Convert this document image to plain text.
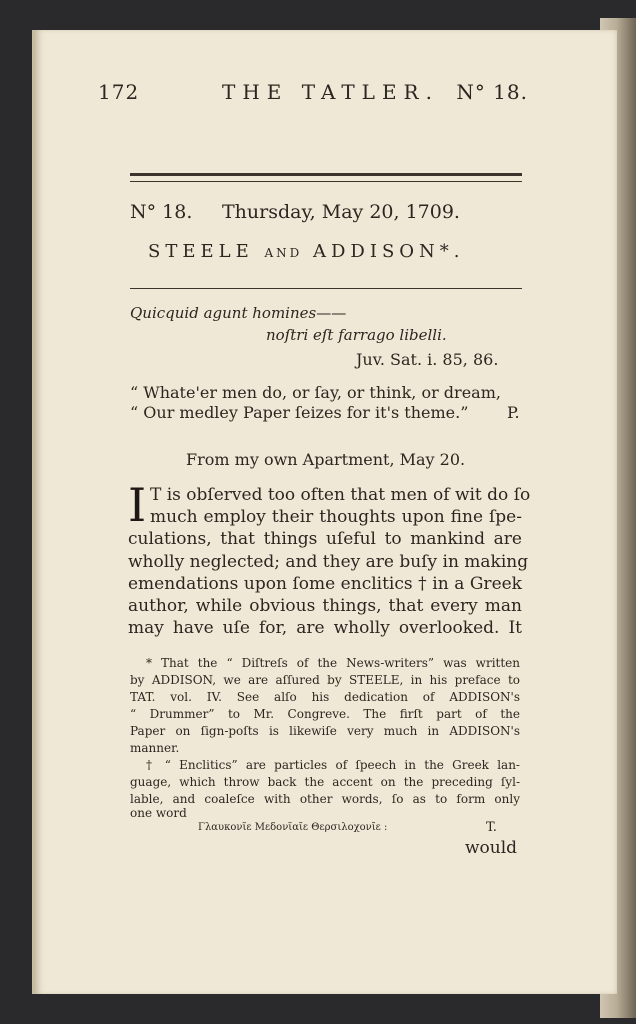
172	THE TATLER. N° 18.
N° 18. Thursday, May 20, 1709.
STEELE AND ADDISON*.
Quicquid agunt homines——
noſtri eſt farrago libelli.
Juv. Sat. i. 85, 86.
“ Whate'er men do, or ſay, or think, or dream,
“ Our medley Paper ſeizes for it's theme.” P.
From my own Apartment, May 20.
I T is obſerved too often that men of wit do ſo
much employ their thoughts upon fine ſpe-
culations, that things uſeful to mankind are
wholly neglected; and they are buſy in making
emendations upon ſome enclitics † in a Greek
author, while obvious things, that every man
may have uſe for, are wholly overlooked. It
* That the “ Diſtreſs of the News-writers” was written
by ADDISON, we are aſſured by STEELE, in his preface to
TAT. vol. IV. See alſo his dedication of ADDISON's
“ Drummer” to Mr. Congreve. The firſt part of the
Paper on ſign-poſts is likewiſe very much in ADDISON's
manner.
† “ Enclitics” are particles of ſpeech in the Greek lan-
guage, which throw back the accent on the preceding ſyl-
lable, and coaleſce with other words, ſo as to form only
one word
Γλαυκονῖε Μεδονῖαῖε Θερσιλοχονῖε :	T.
would
